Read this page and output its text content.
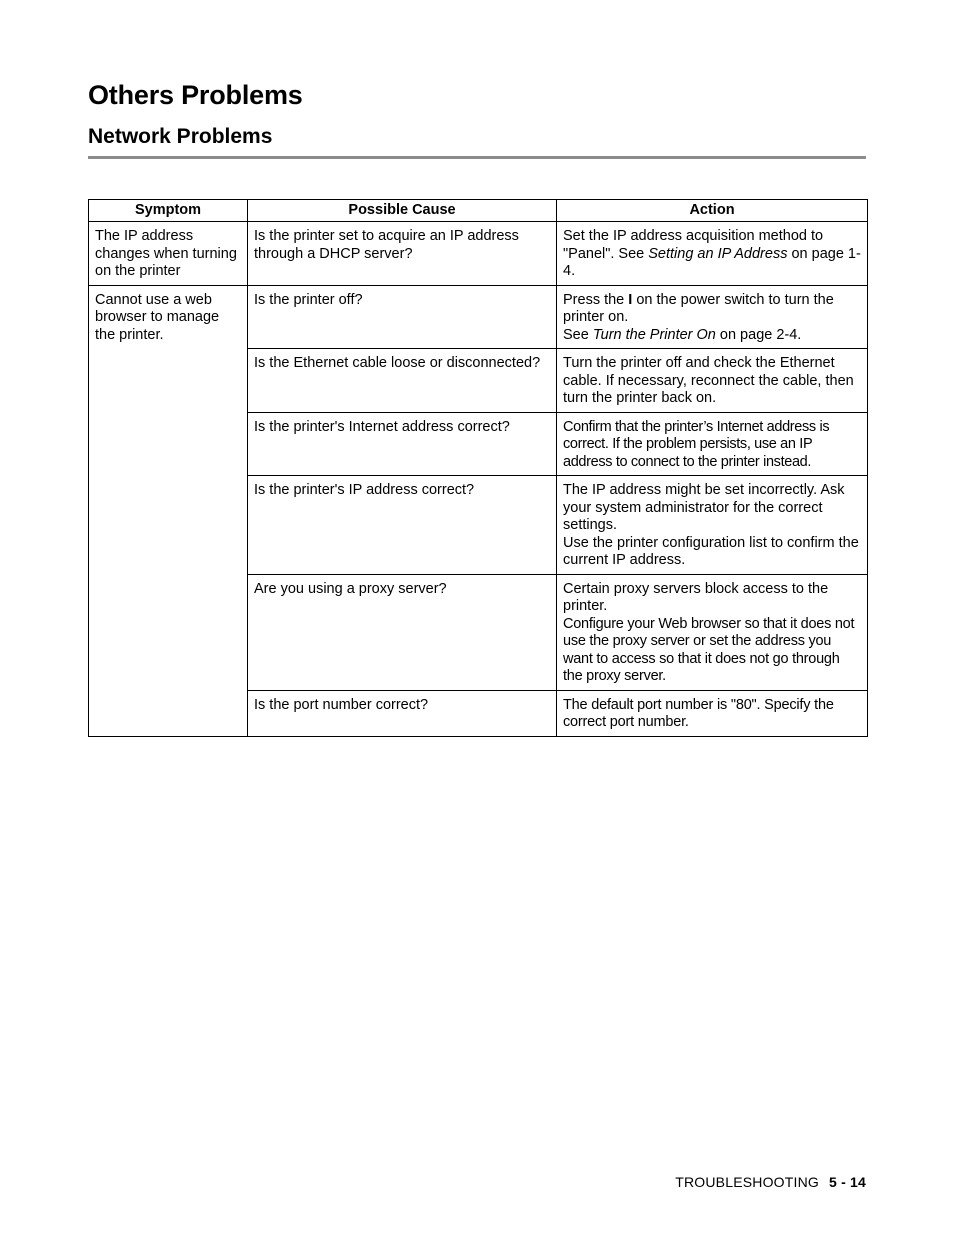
Others Problems
Network Problems
Symptom	Possible Cause	Action

The IP address changes when turning on the printer	Is the printer set to acquire an IP address through a DHCP server?	Set the IP address acquisition method to "Panel". See Setting an IP Address on page 1-4.

Cannot use a web browser to manage the printer.	Is the printer off?	Press the I on the power switch to turn the printer on.
See Turn the Printer On on page 2-4.

	Is the Ethernet cable loose or disconnected?	Turn the printer off and check the Ethernet cable. If necessary, reconnect the cable, then turn the printer back on.

	Is the printer's Internet address correct?	Confirm that the printer’s Internet address is correct. If the problem persists, use an IP address to connect to the printer instead.

	Is the printer's IP address correct?	The IP address might be set incorrectly. Ask your system administrator for the correct settings.
Use the printer configuration list to confirm the current IP address.

	Are you using a proxy server?	Certain proxy servers block access to the printer.
Configure your Web browser so that it does not use the proxy server or set the address you want to access so that it does not go through the proxy server.

	Is the port number correct?	The default port number is "80". Specify the correct port number.
TROUBLESHOOTING 5 - 14
